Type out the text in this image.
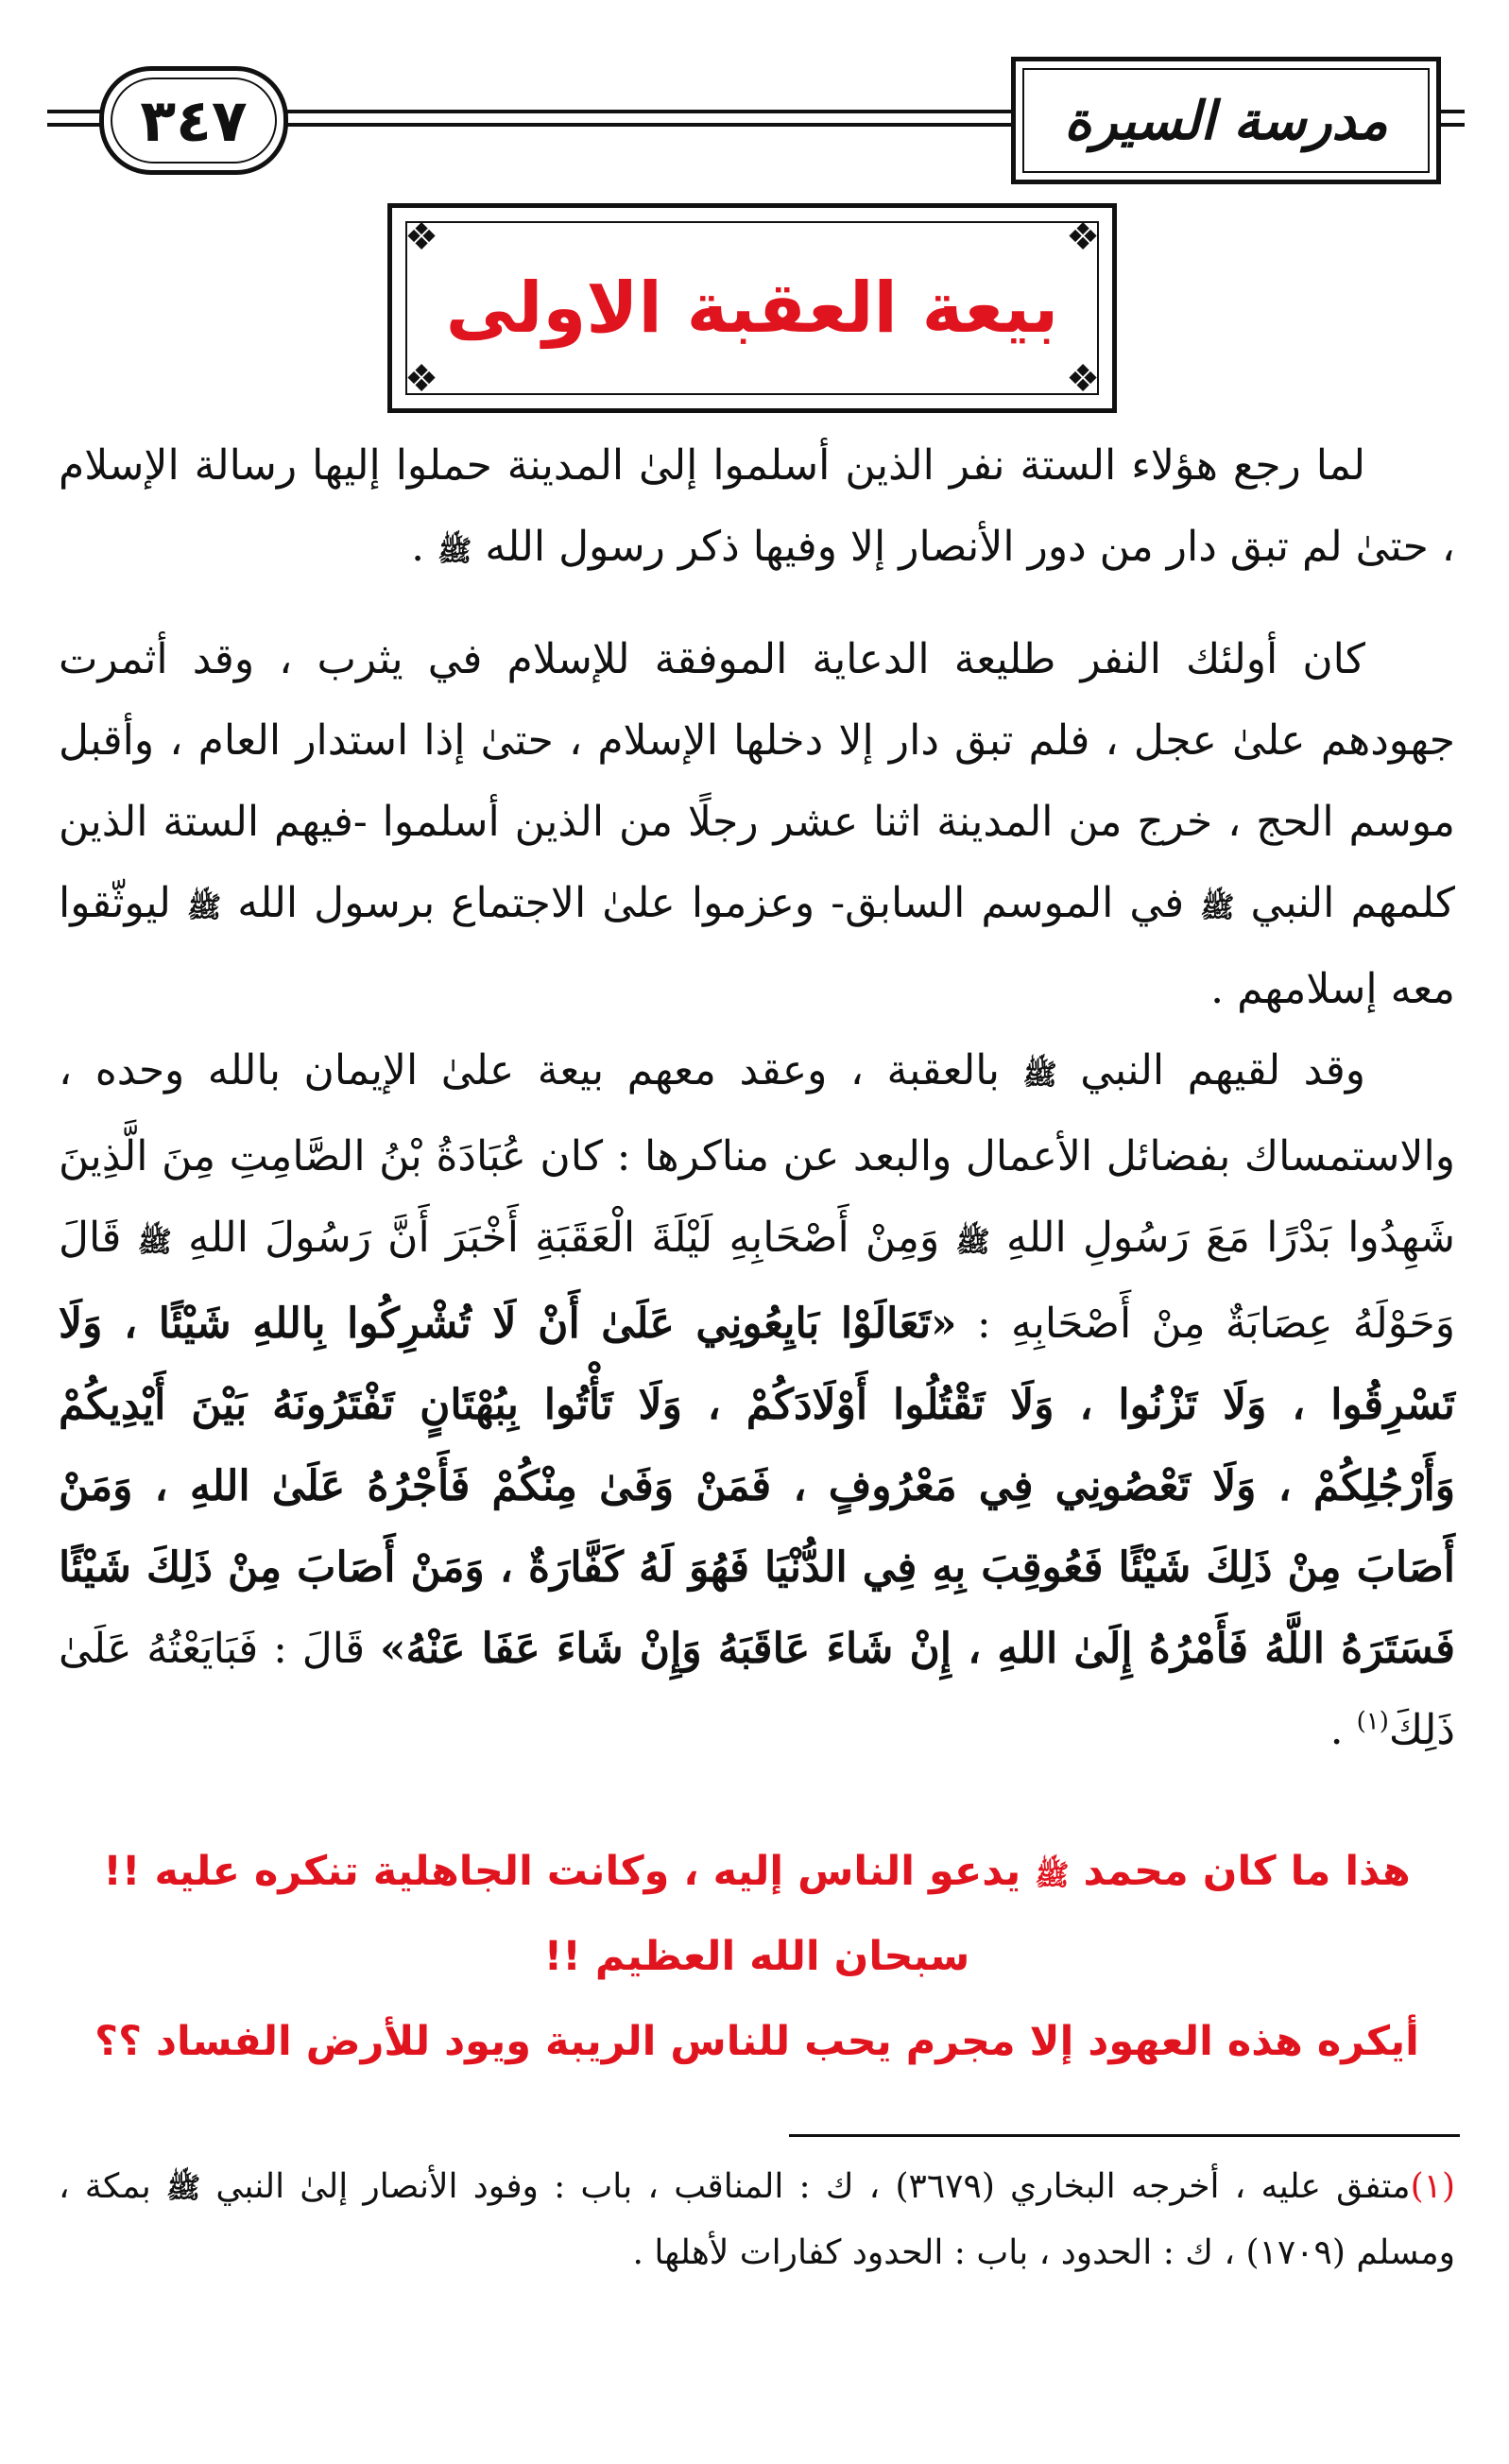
٣٤٧	مدرسة السيرة
❖	❖
❖	❖
بيعة العقبة الاولى
لما رجع هؤلاء الستة نفر الذين أسلموا إلىٰ المدينة حملوا إليها رسالة الإسلام ، حتىٰ لم تبق دار من دور الأنصار إلا وفيها ذكر رسول الله ﷺ .
كان أولئك النفر طليعة الدعاية الموفقة للإسلام في يثرب ، وقد أثمرت جهودهم علىٰ عجل ، فلم تبق دار إلا دخلها الإسلام ، حتىٰ إذا استدار العام ، وأقبل موسم الحج ، خرج من المدينة اثنا عشر رجلًا من الذين أسلموا -فيهم الستة الذين كلمهم النبي ﷺ في الموسم السابق- وعزموا علىٰ الاجتماع برسول الله ﷺ ليوثّقوا معه إسلامهم .
وقد لقيهم النبي ﷺ بالعقبة ، وعقد معهم بيعة علىٰ الإيمان بالله وحده ، والاستمساك بفضائل الأعمال والبعد عن مناكرها : كان عُبَادَةُ بْنُ الصَّامِتِ مِنَ الَّذِينَ شَهِدُوا بَدْرًا مَعَ رَسُولِ اللهِ ﷺ وَمِنْ أَصْحَابِهِ لَيْلَةَ الْعَقَبَةِ أَخْبَرَ أَنَّ رَسُولَ اللهِ ﷺ قَالَ وَحَوْلَهُ عِصَابَةٌ مِنْ أَصْحَابِهِ : «تَعَالَوْا بَايِعُونِي عَلَىٰ أَنْ لَا تُشْرِكُوا بِاللهِ شَيْئًا ، وَلَا تَسْرِقُوا ، وَلَا تَزْنُوا ، وَلَا تَقْتُلُوا أَوْلَادَكُمْ ، وَلَا تَأْتُوا بِبُهْتَانٍ تَفْتَرُونَهُ بَيْنَ أَيْدِيكُمْ وَأَرْجُلِكُمْ ، وَلَا تَعْصُونِي فِي مَعْرُوفٍ ، فَمَنْ وَفَىٰ مِنْكُمْ فَأَجْرُهُ عَلَىٰ اللهِ ، وَمَنْ أَصَابَ مِنْ ذَلِكَ شَيْئًا فَعُوقِبَ بِهِ فِي الدُّنْيَا فَهُوَ لَهُ كَفَّارَةٌ ، وَمَنْ أَصَابَ مِنْ ذَلِكَ شَيْئًا فَسَتَرَهُ اللَّهُ فَأَمْرُهُ إِلَىٰ اللهِ ، إِنْ شَاءَ عَاقَبَهُ وَإِنْ شَاءَ عَفَا عَنْهُ» قَالَ : فَبَايَعْتُهُ عَلَىٰ ذَلِكَ$^{(١)}$ .
هذا ما كان محمد ﷺ يدعو الناس إليه ، وكانت الجاهلية تنكره عليه !!
سبحان الله العظيم !!
أيكره هذه العهود إلا مجرم يحب للناس الريبة ويود للأرض الفساد ؟؟
(١)متفق عليه ، أخرجه البخاري (٣٦٧٩) ، ك : المناقب ، باب : وفود الأنصار إلىٰ النبي ﷺ بمكة ، ومسلم (١٧٠٩) ، ك : الحدود ، باب : الحدود كفارات لأهلها .
